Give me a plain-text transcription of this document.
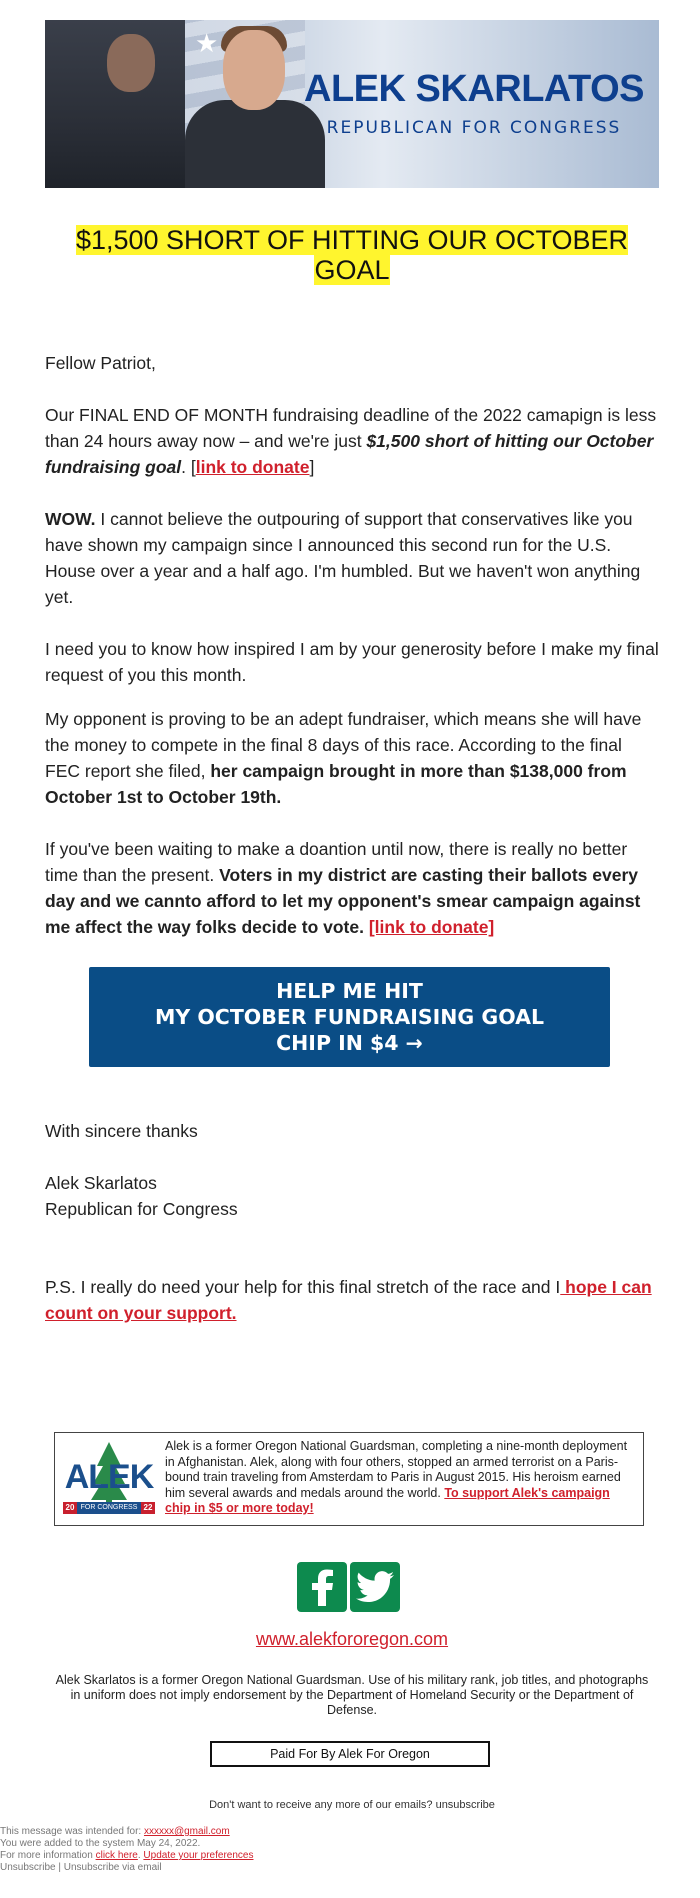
★
ALEK SKARLATOS
REPUBLICAN FOR CONGRESS
$1,500 SHORT OF HITTING OUR OCTOBER GOAL

Fellow Patriot,

Our FINAL END OF MONTH fundraising deadline of the 2022 camapign is less than 24 hours away now – and we're just $1,500 short of hitting our October fundraising goal. [link to donate]

WOW. I cannot believe the outpouring of support that conservatives like you have shown my campaign since I announced this second run for the U.S. House over a year and a half ago. I'm humbled. But we haven't won anything yet.

I need you to know how inspired I am by your generosity before I make my final request of you this month.

My opponent is proving to be an adept fundraiser, which means she will have the money to compete in the final 8 days of this race. According to the final FEC report she filed, her campaign brought in more than $138,000 from October 1st to October 19th.

If you've been waiting to make a doantion until now, there is really no better time than the present. Voters in my district are casting their ballots every day and we cannto afford to let my opponent's smear campaign against me affect the way folks decide to vote. [link to donate]

HELP ME HIT
MY OCTOBER FUNDRAISING GOAL
CHIP IN $4 →

With sincere thanks

Alek Skarlatos

Republican for Congress

P.S. I really do need your help for this final stretch of the race and I hope I can count on your support.

ALEK
20 FOR CONGRESS 22
Alek is a former Oregon National Guardsman, completing a nine-month deployment in Afghanistan. Alek, along with four others, stopped an armed terrorist on a Paris-bound train traveling from Amsterdam to Paris in August 2015. His heroism earned him several awards and medals around the world. To support Alek's campaign chip in $5 or more today!
www.alekfororegon.com
Alek Skarlatos is a former Oregon National Guardsman. Use of his military rank, job titles, and photographs in uniform does not imply endorsement by the Department of Homeland Security or the Department of Defense.
Paid For By Alek For Oregon
Don't want to receive any more of our emails? unsubscribe
This message was intended for: xxxxxx@gmail.com
You were added to the system May 24, 2022.
For more information click here. Update your preferences
Unsubscribe | Unsubscribe via email
